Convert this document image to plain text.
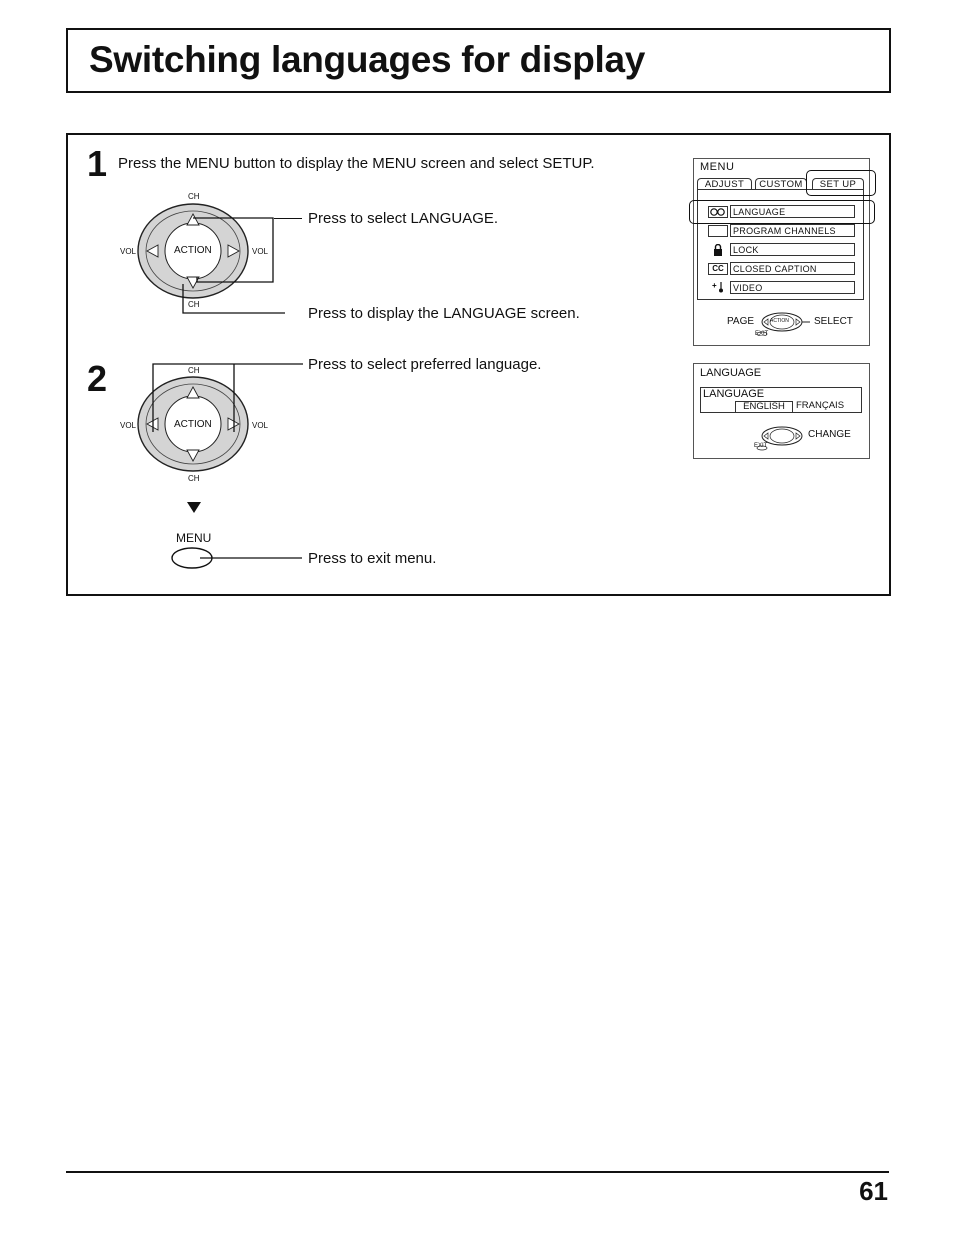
Switching languages for display
1 Press the MENU button to display the MENU screen and select SETUP.
CH
CH
VOL	VOL
ACTION
Press to select LANGUAGE.
Press to display the LANGUAGE screen.
2	CH
CH
VOL	VOL
ACTION
Press to select preferred language.
MENU
Press to exit menu.
MENU
ADJUST	CUSTOM	SET UP
LANGUAGE
PROGRAM CHANNELS
LOCK
CC	CLOSED CAPTION
+	VIDEO
PAGE	ACTION
EXIT
SELECT
LANGUAGE
LANGUAGE
ENGLISH	FRANÇAIS
EXIT
CHANGE
61
